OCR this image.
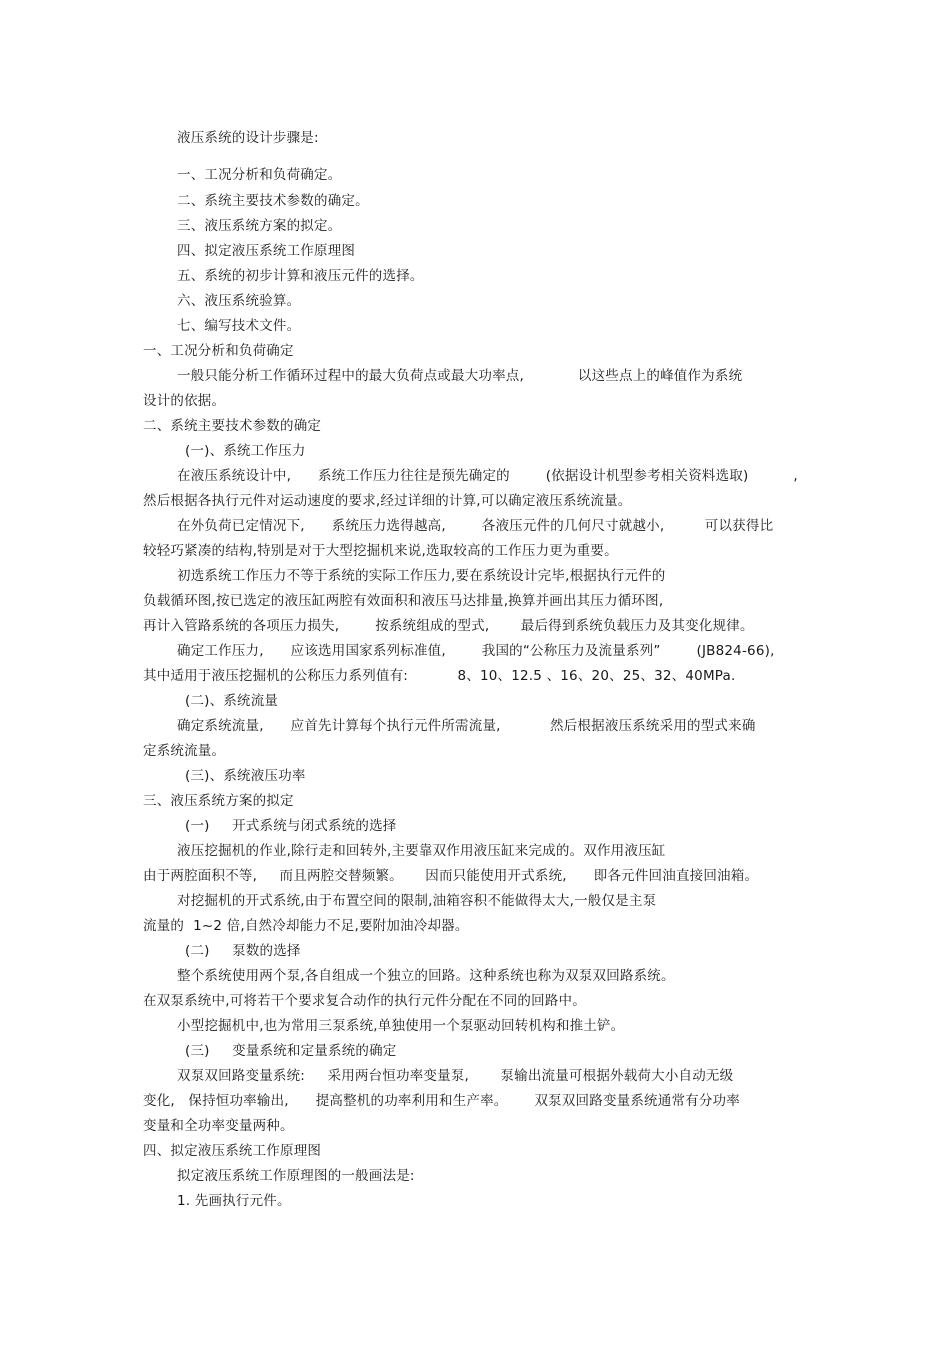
液压系统的设计步骤是:
一、工况分析和负荷确定。
二、系统主要技术参数的确定。
三、液压系统方案的拟定。
四、拟定液压系统工作原理图
五、系统的初步计算和液压元件的选择。
六、液压系统验算。
七、编写技术文件。
一、工况分析和负荷确定
一般只能分析工作循环过程中的最大负荷点或最大功率点,            以这些点上的峰值作为系统
设计的依据。
二、系统主要技术参数的确定
(一)、系统工作压力
在液压系统设计中,      系统工作压力往往是预先确定的        (依据设计机型参考相关资料选取)          ,
然后根据各执行元件对运动速度的要求,经过详细的计算,可以确定液压系统流量。
在外负荷已定情况下,      系统压力选得越高,        各液压元件的几何尺寸就越小,         可以获得比
较轻巧紧凑的结构,特别是对于大型挖掘机来说,选取较高的工作压力更为重要。
初选系统工作压力不等于系统的实际工作压力,要在系统设计完毕,根据执行元件的
负载循环图,按已选定的液压缸两腔有效面积和液压马达排量,换算并画出其压力循环图,
再计入管路系统的各项压力损失,        按系统组成的型式,       最后得到系统负载压力及其变化规律。
确定工作压力,      应该选用国家系列标准值,        我国的“公称压力及流量系列”        (JB824-66),
其中适用于液压挖掘机的公称压力系列值有:           8、10、12.5 、16、20、25、32、40MPa.
(二)、系统流量
确定系统流量,      应首先计算每个执行元件所需流量,           然后根据液压系统采用的型式来确
定系统流量。
(三)、系统液压功率
三、液压系统方案的拟定
(一)     开式系统与闭式系统的选择
液压挖掘机的作业,除行走和回转外,主要靠双作用液压缸来完成的。双作用液压缸
由于两腔面积不等,     而且两腔交替频繁。     因而只能使用开式系统,      即各元件回油直接回油箱。
对挖掘机的开式系统,由于布置空间的限制,油箱容积不能做得太大,一般仅是主泵
流量的  1~2 倍,自然冷却能力不足,要附加油冷却器。
(二)     泵数的选择
整个系统使用两个泵,各自组成一个独立的回路。这种系统也称为双泵双回路系统。
在双泵系统中,可将若干个要求复合动作的执行元件分配在不同的回路中。
小型挖掘机中,也为常用三泵系统,单独使用一个泵驱动回转机构和推土铲。
(三)     变量系统和定量系统的确定
双泵双回路变量系统:     采用两台恒功率变量泵,       泵输出流量可根据外载荷大小自动无级
变化,   保持恒功率输出,      提高整机的功率利用和生产率。      双泵双回路变量系统通常有分功率
变量和全功率变量两种。
四、拟定液压系统工作原理图
拟定液压系统工作原理图的一般画法是:
1. 先画执行元件。
